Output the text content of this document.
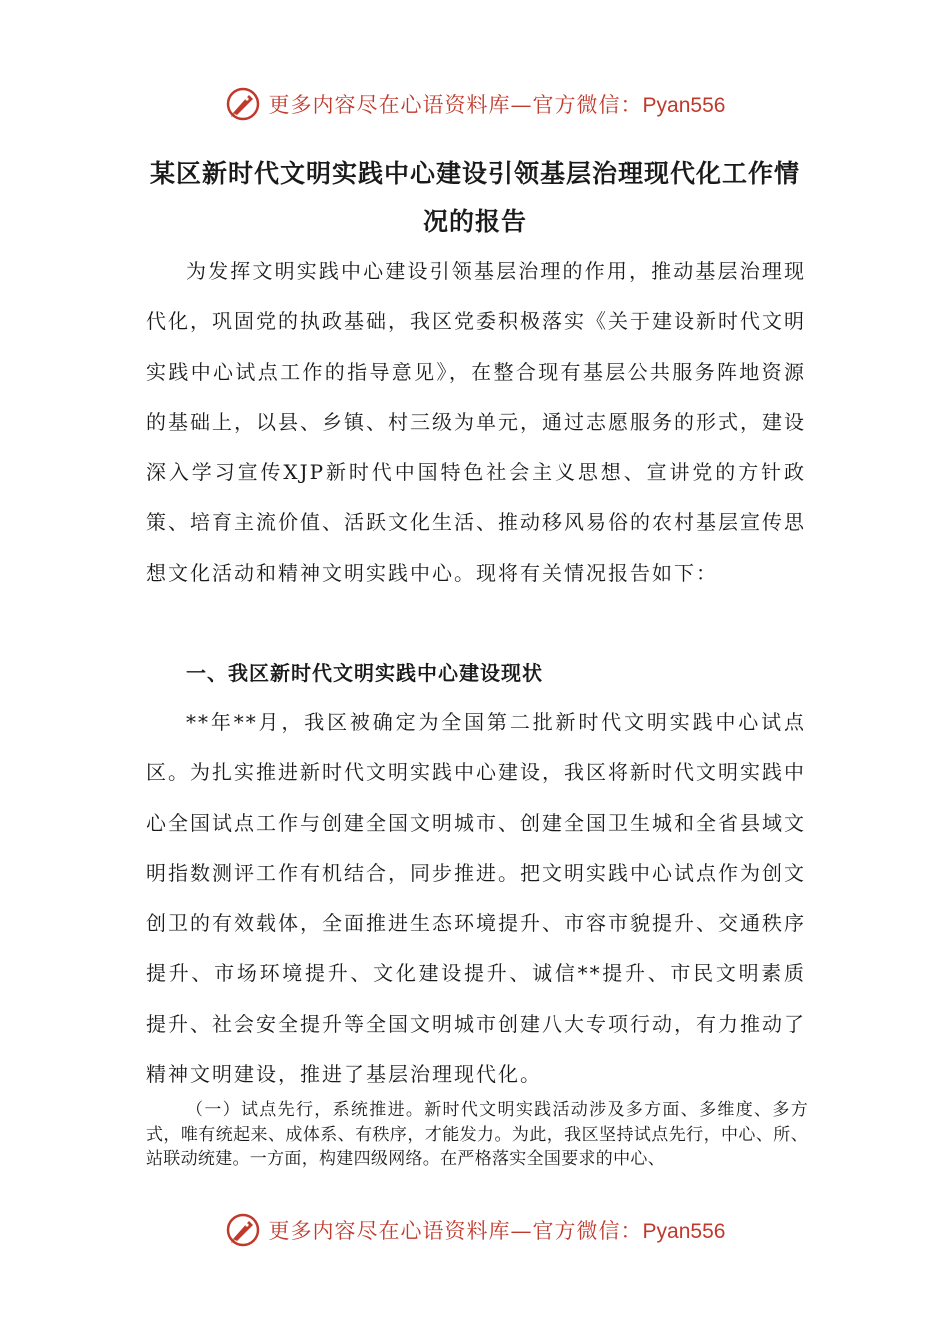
更多内容尽在心语资料库—官方微信：Pyan556
某区新时代文明实践中心建设引领基层治理现代化工作情况的报告
为发挥文明实践中心建设引领基层治理的作用，推动基层治理现代化，巩固党的执政基础，我区党委积极落实《关于建设新时代文明实践中心试点工作的指导意见》，在整合现有基层公共服务阵地资源的基础上，以县、乡镇、村三级为单元，通过志愿服务的形式，建设深入学习宣传XJP新时代中国特色社会主义思想、宣讲党的方针政策、培育主流价值、活跃文化生活、推动移风易俗的农村基层宣传思想文化活动和精神文明实践中心。现将有关情况报告如下：
一、我区新时代文明实践中心建设现状
**年**月，我区被确定为全国第二批新时代文明实践中心试点区。为扎实推进新时代文明实践中心建设，我区将新时代文明实践中心全国试点工作与创建全国文明城市、创建全国卫生城和全省县域文明指数测评工作有机结合，同步推进。把文明实践中心试点作为创文创卫的有效载体，全面推进生态环境提升、市容市貌提升、交通秩序提升、市场环境提升、文化建设提升、诚信**提升、市民文明素质提升、社会安全提升等全国文明城市创建八大专项行动，有力推动了精神文明建设，推进了基层治理现代化。
（一）试点先行，系统推进。新时代文明实践活动涉及多方面、多维度、多方式，唯有统起来、成体系、有秩序，才能发力。为此，我区坚持试点先行，中心、所、站联动统建。一方面，构建四级网络。在严格落实全国要求的中心、
更多内容尽在心语资料库—官方微信：Pyan556
